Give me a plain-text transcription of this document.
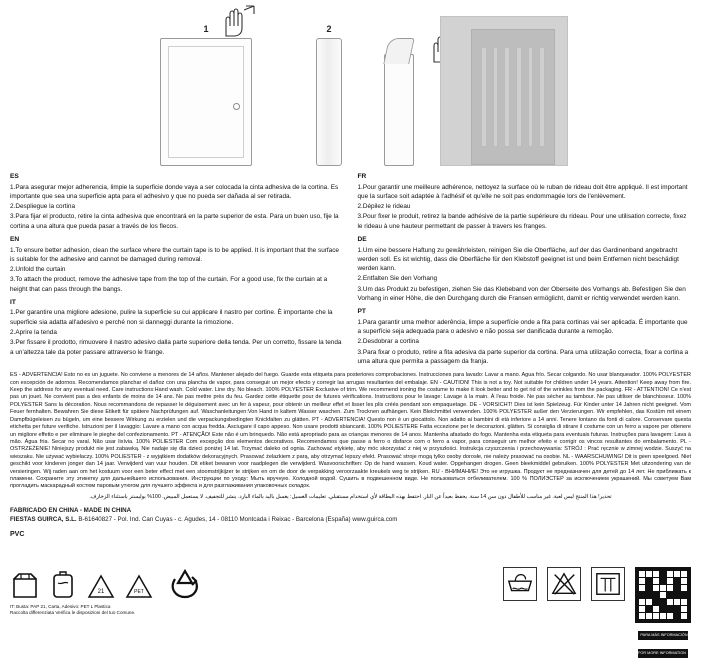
1	2
ES

1.Para asegurar mejor adherencia, limpie la superficie donde vaya a ser colocada la cinta adhesiva de la cortina. Es importante que sea una superficie apta para el adhesivo y que no pueda ser dañada al ser retirada.

2.Despliegue la cortina

3.Para fijar el producto, retire la cinta adhesiva que encontrará en la parte superior de esta. Para un buen uso, fije la cortina a una altura que pueda pasar a través de los flecos.

EN

1.To ensure better adhesion, clean the surface where the curtain tape is to be applied. It is important that the surface is suitable for the adhesive and cannot be damaged during removal.

2.Unfold the curtain

3.To attach the product, remove the adhesive tape from the top of the curtain. For a good use, fix the curtain at a height that can pass through the bangs.

IT

1.Per garantire una migliore adesione, pulire la superficie su cui applicare il nastro per cortine. È importante che la superficie sia adatta all'adesivo e perché non si danneggi durante la rimozione.

2.Aprire la tenda

3.Per fissare il prodotto, rimuovere il nastro adesivo dalla parte superiore della tenda. Per un corretto, fissare la tenda a un'altezza tale da poter passare attraverso le frange.

FR

1.Pour garantir une meilleure adhérence, nettoyez la surface où le ruban de rideau doit être appliqué. Il est important que la surface soit adaptée à l'adhésif et qu'elle ne soit pas endommagée lors de l'enlèvement.

2.Dépilez le rideau

3.Pour fixer le produit, retirez la bande adhésive de la partie supérieure du rideau. Pour une utilisation correcte, fixez le rideau à une hauteur permettant de passer à travers les franges.

DE

1.Um eine bessere Haftung zu gewährleisten, reinigen Sie die Oberfläche, auf der das Gardinenband angebracht werden soll. Es ist wichtig, dass die Oberfläche für den Klebstoff geeignet ist und beim Entfernen nicht beschädigt werden kann.

2.Entfalten Sie den Vorhang

3.Um das Produkt zu befestigen, ziehen Sie das Klebeband von der Oberseite des Vorhangs ab. Befestigen Sie den Vorhang in einer Höhe, die den Durchgang durch die Fransen ermöglicht, damit er richtig verwendet werden kann.

PT

1.Para garantir uma melhor aderência, limpe a superfície onde a fita para cortinas vai ser aplicada. É importante que a superfície seja adequada para o adesivo e não possa ser danificada durante a remoção.

2.Desdobrar a cortina

3.Para fixar o produto, retire a fita adesiva da parte superior da cortina. Para uma utilização correcta, fixar a cortina a uma altura que permita a passagem da franja.

ES - ADVERTENCIA! Esto no es un juguete. No conviene a menores de 14 años. Mantener alejado del fuego. Guarde esta etiqueta para posteriores comprobaciones. Instrucciones para lavado: Lavar a mano. Agua frío. Secar colgando. No usar blanqueador. 100% POLYESTER con excepción de adornos. Recomendamos planchar el dañoz con una plancha de vapor, para conseguir un mejor efecto y corregir las arrugas resultantes del embalaje. EN - CAUTION! This is not a toy. Not suitable for children under 14 years. Attention! Keep away from fire. Keep the address for any eventual need. Care instructions:Hand wash. Cold water. Line dry. No bleach. 100% POLYESTER Exclusive of trim. We recommend ironing the costume to make it look better and to get rid of the wrinkles from the packaging. FR - ATTENTION! Ce n'est pas un jouet. Ne convient pas a des enfants de moins de 14 ans. Ne pas mettre près du feu. Gardez cette étiquette pour de futures vérifications. Instructions pour le lavage: Lavage à la main. À l'eau froide. Ne pas sécher au tambour. Ne pas utiliser de blanchisseur. 100% POLYESTER Sans la décoration. Nous recommandons de repasser le déguisement avec un fer à vapeur, pour obtenir un meilleur effet et lisser les plis créés pendant son empaquetage. DE - VORSICHT! Dies ist kein Spielzeug. Für Kinder unter 14 Jahren nicht geeignet. Vom Feuer fernhalten. Bewahren Sie diese Etikett für spätere Nachprüfungen auf. Waschanleitungen:Von Hand in kaltem Wasser waschen. Zum Trocknen aufhängen. Kein Bleichmittel verwenden. 100% POLYESTER außer den Verzierungen. Wir empfehlen, das Kostüm mit einem Dampfbügeleisen zu bügeln, um eine bessere Wirkung zu erzielen und die verpackungsbedingten Knickfalten zu glätten. PT - ADVERTENCIA! Questo non è un giocattolo. Non adatto ai bambini di età inferiore a 14 anni. Tenere lontano da fonti di calore. Conservare questa etichetta per future verifiche. Istruzioni per il lavaggio: Lavare a mano con acqua fredda. Asciugare il capo appeso. Non usare prodotti sbiancanti. 100% POLIESTERE Fatta eccezione per le decorazioni. glätten. Si consiglia di stirare il costume con un ferro a vapore per ottenere un migliore effetto e per eliminare le pieghe del confezionamento. PT - ATENÇÃO! Este não é um brinquedo. Não está apropriado para as crianças menores de 14 anos. Mantenha afastado do fogo. Mantenha esta etiqueta para eventuais futuras. Instruções para lavagem: Lava à mão. Água fria. Secar no varal. Não usar lixívia. 100% POLIESTER Com excepção dos elementos decorativos. Recomendamos que passe a ferro o disfarce com o ferro a vapor, para conseguir um melhor efeito e corrigir os vincos resultantes do embalamento. PL - OSTRZEŻENIE! Niniejszy produkt nie jest zabawką. Nie nadaje się dla dzieci poniżej 14 lat. Trzymać daleko od ognia. Zachować etykietę, aby móc skorzystać z niej w przyszłości. Instrukcja czyszczenia i przechowywania: STRÓJ : Prać ręcznie w zimnej wodzie. Suszyć na wieszaku. Nie używać wybielaczy. 100% POLIESTER - z wyjątkiem dodatków dekoracyjnych. Prasować żelazkiem z parą, aby otrzymać lepszy efekt. Prasować stroje mogą tylko osoby dorosłe, nie należy prasować na osobie. NL - WAARSCHUWING! Dit is geen speelgoed. Niet geschikt voor kinderen jonger dan 14 jaar. Verwijderd van vuur houden. Dit etiket bewaren voor raadplegen die verwijderd. Wasvoorschriften: Op de hand wassen. Koud water. Opgehangen drogen. Geen bleekmiddel gebruiken. 100% POLYESTER Met uitzondering van de versieringen. Wij raden aan om het kostuum voor een beter effect met een stoomstrijkijzer te strijken en om de door de verpakking veroorzaakte kreukels weg te strijken. RU - ВНИМАНИЕ! Это не игрушка. Продукт не предназначен для детей до 14 лет. Не приближать к пламени. Сохраните эту этикетку для дальнейшего использования. Инструкции по уходу: Мыть вручную. Холодной водой. Сушить в подвешенном виде. Не пользоваться отбеливателем. 100 % ПОЛИЭСТЕР за исключением украшений. Мы советуем Вам прогладить маскарадный костюм паровым утюгом для лучшего эффекта и для разглаживания упаковочных складок.
تحذير! هذا المنتج ليس لعبة. غير مناسب للأطفال دون سن 14 سنة. يحفظ بعيداً عن النار. احتفظ بهذه البطاقة لأي استخدام مستقبلي. تعليمات الغسيل: يغسل باليد بالماء البارد. ينشر للتجفيف. لا يستعمل المبيض. 100% بوليستر باستثناء الزخارف.
FABRICADO EN CHINA - MADE IN CHINA
FIESTAS GUIRCA, S.L. B-61640827 - Pol. Ind. Can Cuyas - c. Agudes, 14 - 08110 Montcada i Reixac - Barcelona (España) www.guirca.com
PVC
21	PET
IT: Busta: PAP 21, Carta, Adesivo: PET L Plastica
Raccolta differenziata Verifica le disposizioni del tuo Comune.
PARA MÁS INFORMACIÓN
FOR MORE INFORMATION
